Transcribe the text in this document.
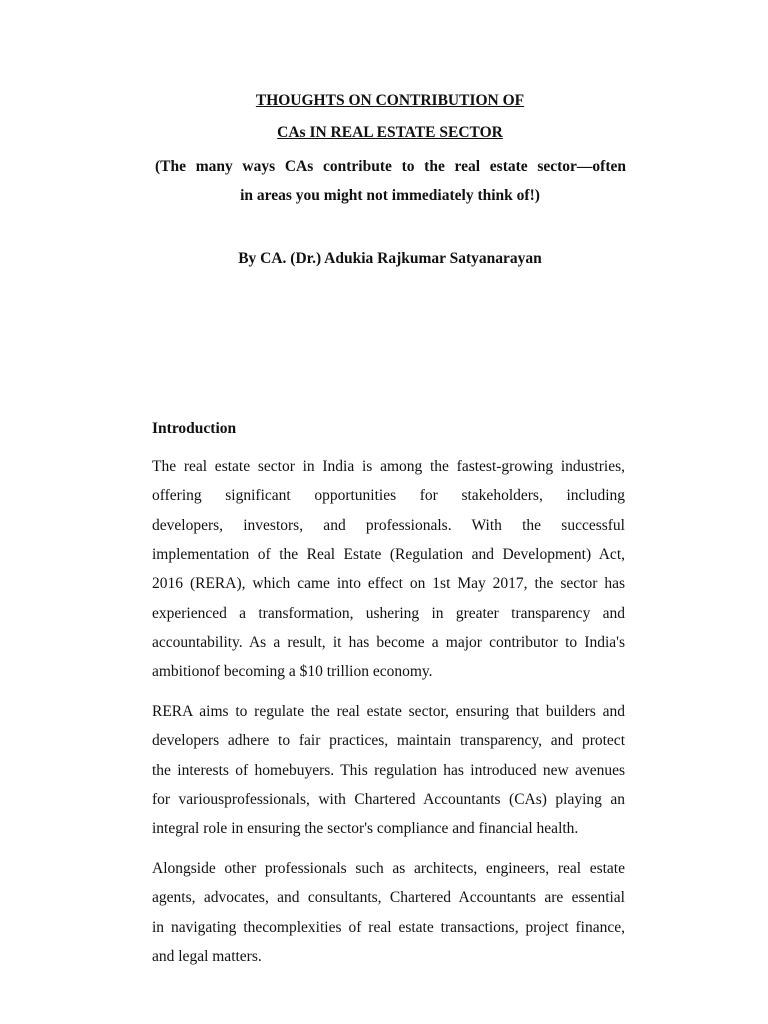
THOUGHTS ON CONTRIBUTION OF
CAs IN REAL ESTATE SECTOR
(The many ways CAs contribute to the real estate sector—often
in areas you might not immediately think of!)
By CA. (Dr.) Adukia Rajkumar Satyanarayan
Introduction
The real estate sector in India is among the fastest-growing industries,
offering significant opportunities for stakeholders, including
developers, investors, and professionals. With the successful
implementation of the Real Estate (Regulation and Development) Act,
2016 (RERA), which came into effect on 1st May 2017, the sector has
experienced a transformation, ushering in greater transparency and
accountability. As a result, it has become a major contributor to India's
ambitionof becoming a $10 trillion economy.
RERA aims to regulate the real estate sector, ensuring that builders and
developers adhere to fair practices, maintain transparency, and protect
the interests of homebuyers. This regulation has introduced new avenues
for variousprofessionals, with Chartered Accountants (CAs) playing an
integral role in ensuring the sector's compliance and financial health.
Alongside other professionals such as architects, engineers, real estate
agents, advocates, and consultants, Chartered Accountants are essential
in navigating thecomplexities of real estate transactions, project finance,
and legal matters.
